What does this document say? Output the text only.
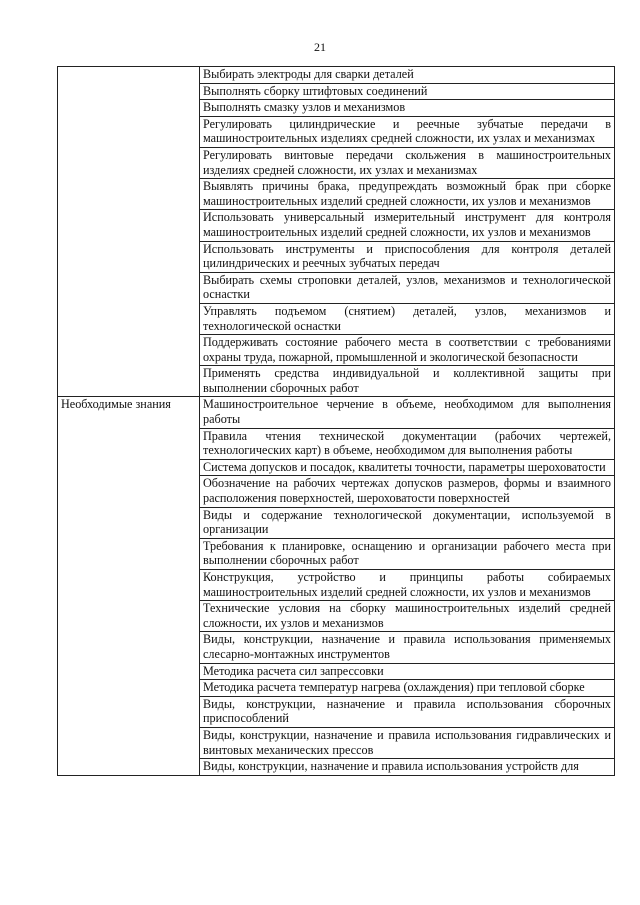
21
	Выбирать электроды для сварки деталей
	Выполнять сборку штифтовых соединений
	Выполнять смазку узлов и механизмов
	Регулировать цилиндрические и реечные зубчатые передачи в машиностроительных изделиях средней сложности, их узлах и механизмах
	Регулировать винтовые передачи скольжения в машиностроительных изделиях средней сложности, их узлах и механизмах
	Выявлять причины брака, предупреждать возможный брак при сборке машиностроительных изделий средней сложности, их узлов и механизмов
	Использовать универсальный измерительный инструмент для контроля машиностроительных изделий средней сложности, их узлов и механизмов
	Использовать инструменты и приспособления для контроля деталей цилиндрических и реечных зубчатых передач
	Выбирать схемы строповки деталей, узлов, механизмов и технологической оснастки
	Управлять подъемом (снятием) деталей, узлов, механизмов и технологической оснастки
	Поддерживать состояние рабочего места в соответствии с требованиями охраны труда, пожарной, промышленной и экологической безопасности
	Применять средства индивидуальной и коллективной защиты при выполнении сборочных работ
Необходимые знания	Машиностроительное черчение в объеме, необходимом для выполнения работы
	Правила чтения технической документации (рабочих чертежей, технологических карт) в объеме, необходимом для выполнения работы
	Система допусков и посадок, квалитеты точности, параметры шероховатости
	Обозначение на рабочих чертежах допусков размеров, формы и взаимного расположения поверхностей, шероховатости поверхностей
	Виды и содержание технологической документации, используемой в организации
	Требования к планировке, оснащению и организации рабочего места при выполнении сборочных работ
	Конструкция, устройство и принципы работы собираемых машиностроительных изделий средней сложности, их узлов и механизмов
	Технические условия на сборку машиностроительных изделий средней сложности, их узлов и механизмов
	Виды, конструкции, назначение и правила использования применяемых слесарно-монтажных инструментов
	Методика расчета сил запрессовки
	Методика расчета температур нагрева (охлаждения) при тепловой сборке
	Виды, конструкции, назначение и правила использования сборочных приспособлений
	Виды, конструкции, назначение и правила использования гидравлических и винтовых механических прессов
	Виды, конструкции, назначение и правила использования устройств для
